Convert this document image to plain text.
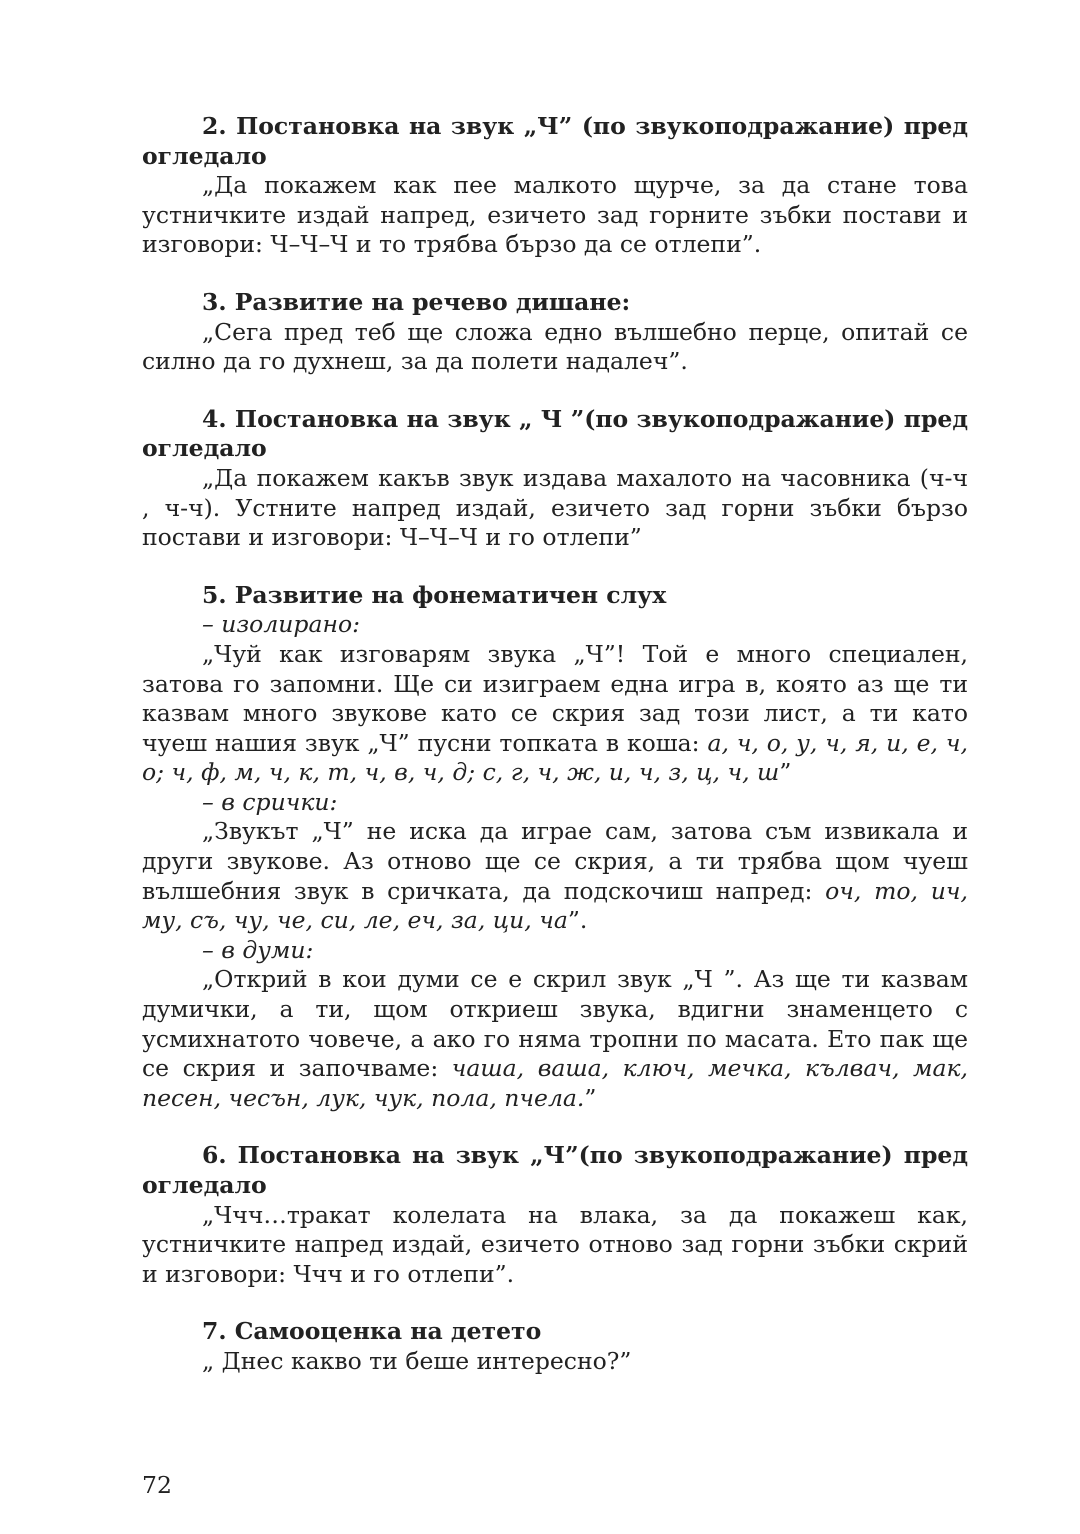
2. Постановка на звук „Ч” (по звукоподражание) пред огледало

„Да покажем как пее малкото щурче, за да стане това устничките издай напред, езичето зад горните зъбки постави и изговори: Ч–Ч–Ч и то трябва бързо да се отлепи”.

3. Развитие на речево дишане:

„Сега пред теб ще сложа едно вълшебно перце, опитай се силно да го духнеш, за да полети надалеч”.

4. Постановка на звук „ Ч ”(по звукоподражание) пред огледало

„Да покажем какъв звук издава махалото на часовника (ч-ч , ч-ч). Устните напред издай, езичето зад горни зъбки бързо постави и изговори: Ч–Ч–Ч и го отлепи”

5. Развитие на фонематичен слух

– изолирано:

„Чуй как изговарям звука „Ч”! Той е много специален, затова го запомни. Ще си изиграем една игра в, която аз ще ти казвам много звукове като се скрия зад този лист, а ти като чуеш нашия звук „Ч” пусни топката в коша: а, ч, о, у, ч, я, и, е, ч, о; ч, ф, м, ч, к, т, ч, в, ч, д; с, г, ч, ж, и, ч, з, ц, ч, ш”

– в срички:

„Звукът „Ч” не иска да играе сам, затова съм извикала и други звукове. Аз отново ще се скрия, а ти трябва щом чуеш вълшебния звук в сричката, да подскочиш напред: оч, то, ич, му, съ, чу, че, си, ле, еч, за, ци, ча”.

– в думи:

„Открий в кои думи се е скрил звук „Ч ”. Аз ще ти казвам думички, а ти, щом откриеш звука, вдигни знаменцето с усмихнатото човече, а ако го няма тропни по масата. Ето пак ще се скрия и започваме: чаша, ваша, ключ, мечка, кълвач, мак, песен, чесън, лук, чук, пола, пчела.”

6. Постановка на звук „Ч”(по звукоподражание) пред огледало

„Ччч…тракат колелата на влака, за да покажеш как, устничките напред издай, езичето отново зад горни зъбки скрий и изговори: Ччч и го отлепи”.

7. Самооценка на детето

„ Днес какво ти беше интересно?”

72
